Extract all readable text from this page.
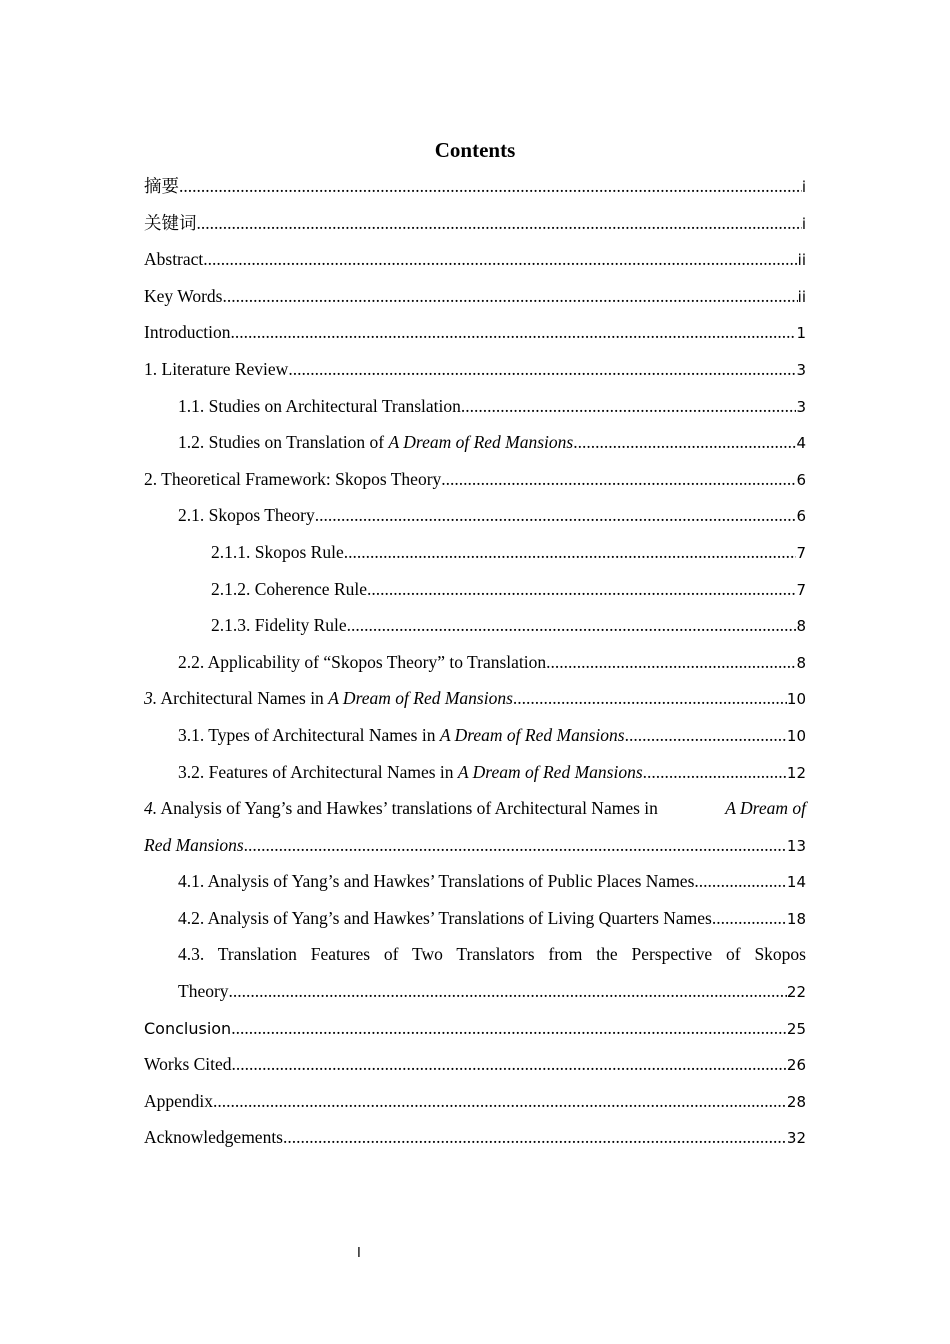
Contents
摘要 .....	i
关键词 .....	i
Abstract .....	ii
Key Words .....	ii
Introduction .....	1
1. Literature Review .....	3
1.1. Studies on Architectural Translation .....	3
1.2. Studies on Translation of A Dream of Red Mansions .....	4
2. Theoretical Framework: Skopos Theory .....	6
2.1. Skopos Theory .....	6
2.1.1. Skopos Rule .....	7
2.1.2. Coherence Rule .....	7
2.1.3. Fidelity Rule .....	8
2.2. Applicability of “Skopos Theory” to Translation .....	8
3. Architectural Names in A Dream of Red Mansions .....	10
3.1. Types of Architectural Names in A Dream of Red Mansions .....	10
3.2. Features of Architectural Names in A Dream of Red Mansions .....	12
4. Analysis of Yang’s and Hawkes’ translations of Architectural Names in	A Dream of
Red Mansions .....	13
4.1. Analysis of Yang’s and Hawkes’ Translations of Public Places Names. .....	14
4.2. Analysis of Yang’s and Hawkes’ Translations of Living Quarters Names. .....	18
4.3. Translation Features of Two Translators from the Perspective of Skopos
Theory .....	22
Conclusion .....	25
Works Cited .....	26
Appendix .....	28
Acknowledgements .....	32
I
